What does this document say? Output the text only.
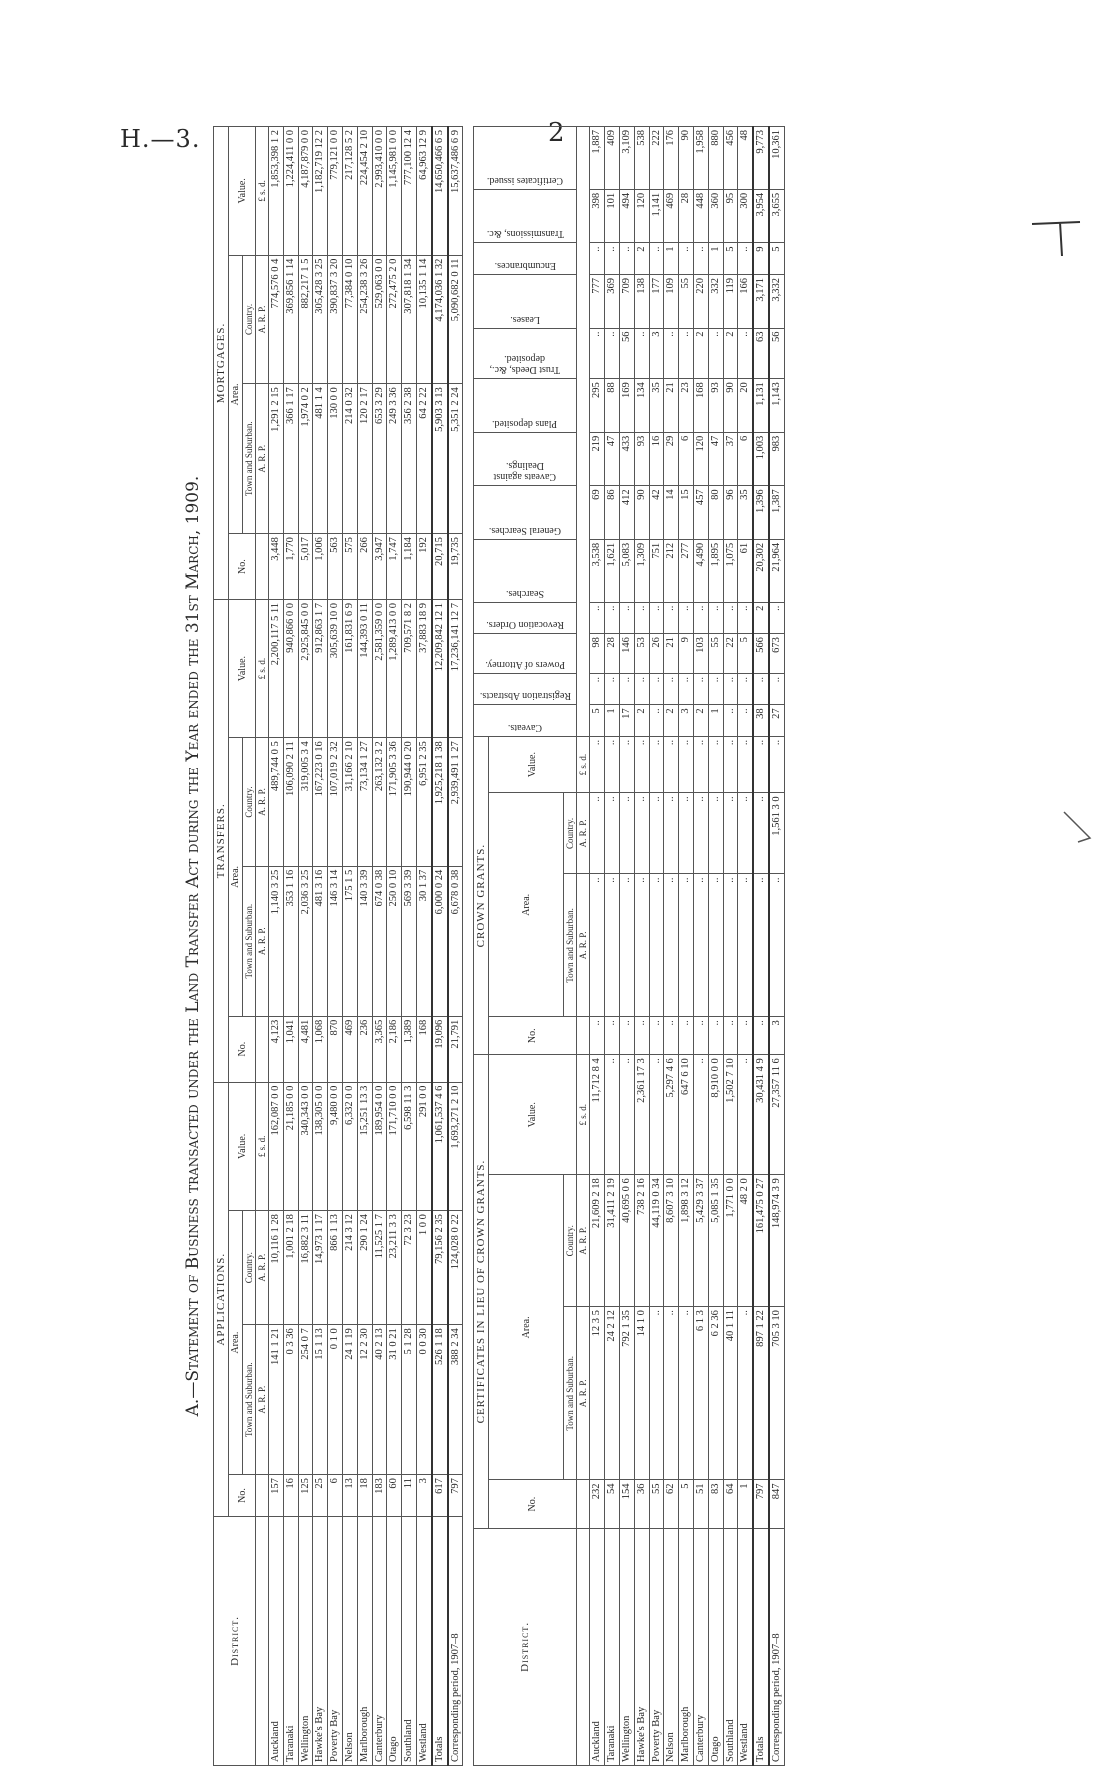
H.—3.	2
A.—Statement of Business transacted under the Land Transfer Act during the Year ended the 31st March, 1909.
District.	APPLICATIONS.				TRANSFERS.				MORTGAGES.			
	No.	Area.		Value.	No.	Area.		Value.	No.	Area.		Value.
		Town and Suburban.	Country.			Town and Suburban.	Country.			Town and Suburban.	Country.	
		A. R. P.	A. R. P.	£ s. d.		A. R. P.	A. R. P.	£ s. d.		A. R. P.	A. R. P.	£ s. d.
Auckland	157	141 1 21	10,116 1 28	162,087 0 0	4,123	1,140 3 25	489,744 0 5	2,200,117 5 11	3,448	1,291 2 15	774,576 0 4	1,853,398 1 2
Taranaki	16	0 3 36	1,001 2 18	21,185 0 0	1,041	353 1 16	106,090 2 11	940,866 0 0	1,770	366 1 17	369,856 1 14	1,224,411 0 0
Wellington	125	254 0 7	16,882 3 11	340,343 0 0	4,481	2,036 3 25	319,005 3 4	2,925,845 0 0	5,017	1,974 0 2	882,217 1 5	4,187,879 0 0
Hawke's Bay	25	15 1 13	14,973 1 17	138,305 0 0	1,068	481 3 16	167,223 0 16	912,863 1 7	1,006	481 1 4	305,428 3 25	1,182,719 12 2
Poverty Bay	6	0 1 0	866 1 13	9,480 0 0	870	146 3 14	107,019 2 32	305,639 10 0	563	130 0 0	390,837 3 20	779,121 0 0
Nelson	13	24 1 19	214 3 12	6,332 0 0	469	175 1 5	31,166 2 10	161,831 6 9	575	214 0 32	77,384 0 10	217,128 5 2
Marlborough	18	12 2 30	290 1 24	15,251 13 3	236	140 3 39	73,134 1 27	144,393 0 11	266	120 2 17	254,238 3 26	224,454 2 10
Canterbury	183	40 2 13	11,525 1 7	189,954 0 0	3,365	674 0 38	263,132 3 2	2,581,359 0 0	3,947	653 3 29	529,063 0 0	2,993,410 0 0
Otago	60	31 0 21	23,211 3 3	171,710 0 0	2,186	250 0 10	171,905 3 36	1,289,413 0 0	1,747	249 3 36	272,475 2 0	1,145,981 0 0
Southland	11	5 1 28	72 3 23	6,598 11 3	1,389	569 3 39	190,944 0 20	709,571 8 2	1,184	356 2 38	307,818 1 34	777,100 12 4
Westland	3	0 0 30	1 0 0	291 0 0	168	30 1 37	6,951 2 35	37,883 18 9	192	64 2 22	10,135 1 14	64,963 12 9
Totals	617	526 1 18	79,156 2 35	1,061,537 4 6	19,096	6,000 0 24	1,925,218 1 38	12,209,842 12 1	20,715	5,903 3 13	4,174,036 1 32	14,650,466 6 5
Corresponding period, 1907–8	797	388 2 34	124,028 0 22	1,693,271 2 10	21,791	6,678 0 38	2,939,491 1 27	17,236,141 12 7	19,735	5,351 2 24	5,090,682 0 11	15,637,486 6 9
District.	CERTIFICATES IN LIEU OF CROWN GRANTS.				CROWN GRANTS.				Caveats.	Registration Abstracts.	Powers of Attorney.	Revocation Orders.	Searches.	General Searches.	Caveats against Dealings.	Plans deposited.	Trust Deeds, &c., deposited.	Leases.	Encumbrances.	Transmissions, &c.	Certificates issued.

	No.	Area.		Value.	No.	Area.		Value.													
		Town and Suburban.	Country.			Town and Suburban.	Country.														
		A. R. P.	A. R. P.	£ s. d.		A. R. P.	A. R. P.	£ s. d.													
Auckland	232	12 3 5	21,609 2 18	11,712 8 4	..	..	..	..	5	..	98	..	3,538	69	219	295	..	777	..	398	1,887
Taranaki	54	24 2 12	31,411 2 19	..	..	..	..	..	1	..	28	..	1,621	86	47	88	..	369	..	101	409
Wellington	154	792 1 35	40,695 0 6	..	..	..	..	..	17	..	146	..	5,083	412	433	169	56	709	..	494	3,109
Hawke's Bay	36	14 1 0	738 2 16	2,361 17 3	..	..	..	..	2	..	53	..	1,309	90	93	134	..	138	2	120	538
Poverty Bay	55	..	44,119 0 34	..	..	..	..	..	..	..	26	..	751	42	16	35	3	177	..	1,141	222
Nelson	62	..	8,607 3 10	5,297 4 6	..	..	..	..	2	..	21	..	212	14	29	21	..	109	1	469	176
Marlborough	5	..	1,898 3 12	647 6 10	..	..	..	..	3	..	9	..	277	15	6	23	..	55	..	28	90
Canterbury	51	6 1 3	5,429 3 37	..	..	..	..	..	2	..	103	..	4,490	457	120	168	2	220	..	448	1,958
Otago	83	6 2 36	5,085 1 35	8,910 0 0	..	..	..	..	1	..	55	..	1,895	80	47	93	..	332	1	360	880
Southland	64	40 1 11	1,771 0 0	1,502 7 10	..	..	..	..	..	..	22	..	1,075	96	37	90	2	119	5	95	456
Westland	1	..	48 2 0	..	..	..	..	..	..	..	5	..	61	35	6	20	..	166	..	300	48
Totals	797	897 1 22	161,475 0 27	30,431 4 9	..	..	..	..	38	..	566	2	20,302	1,396	1,003	1,131	63	3,171	9	3,954	9,773
Corresponding period, 1907–8	847	705 3 10	148,974 3 9	27,357 11 6	3	..	1,561 3 0	..	27	..	673	..	21,964	1,387	983	1,143	56	3,332	5	3,655	10,361
